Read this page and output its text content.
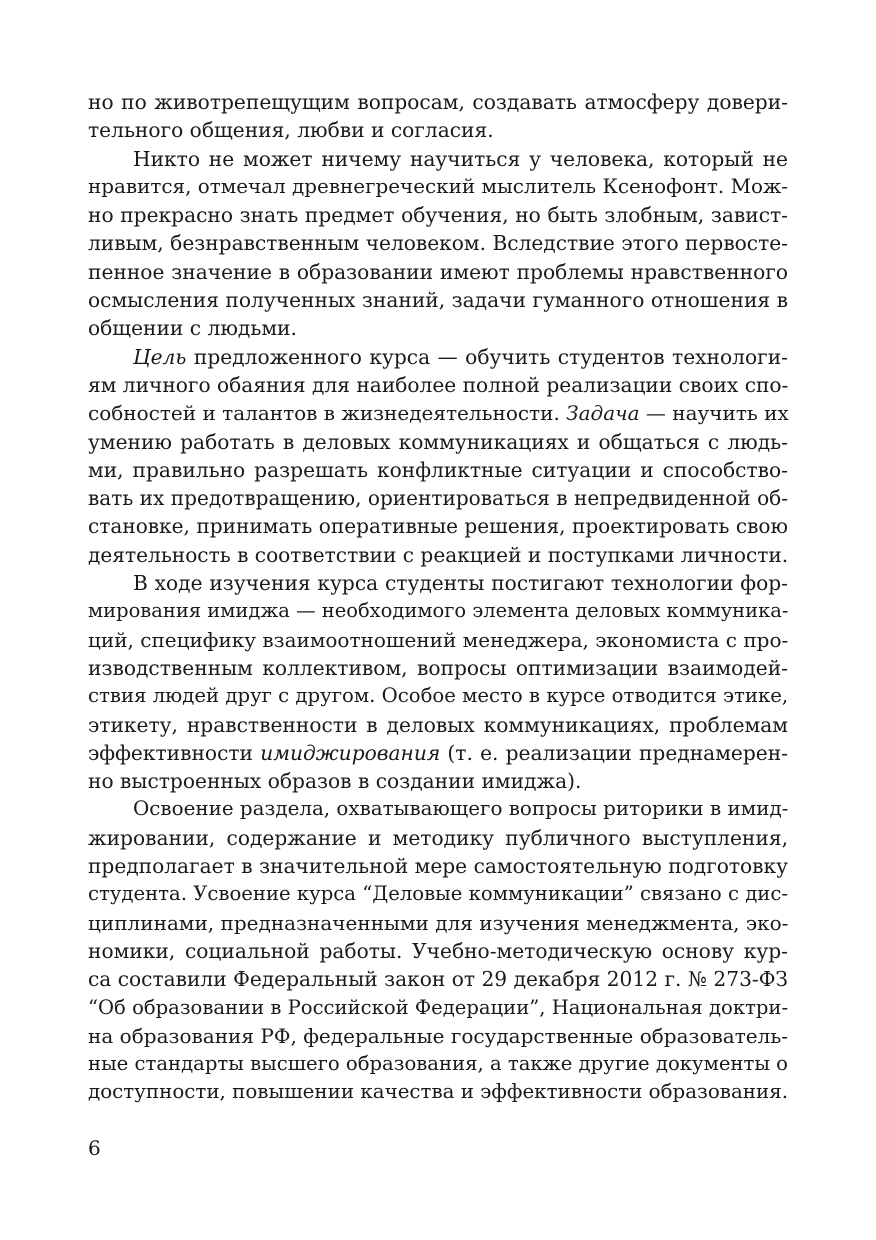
но по животрепещущим вопросам, создавать атмосферу довери-
тельного общения, любви и согласия.

Никто не может ничему научиться у человека, который не
нравится, отмечал древнегреческий мыслитель Ксенофонт. Мож-
но прекрасно знать предмет обучения, но быть злобным, завист-
ливым, безнравственным человеком. Вследствие этого первосте-
пенное значение в образовании имеют проблемы нравственного
осмысления полученных знаний, задачи гуманного отношения в
общении с людьми.

Цель предложенного курса — обучить студентов технологи-
ям личного обаяния для наиболее полной реализации своих спо-
собностей и талантов в жизнедеятельности. Задача — научить их
умению работать в деловых коммуникациях и общаться с людь-
ми, правильно разрешать конфликтные ситуации и способство-
вать их предотвращению, ориентироваться в непредвиденной об-
становке, принимать оперативные решения, проектировать свою
деятельность в соответствии с реакцией и поступками личности.

В ходе изучения курса студенты постигают технологии фор-
мирования имиджа — необходимого элемента деловых коммуника-
ций, специфику взаимоотношений менеджера, экономиста с про-
изводственным коллективом, вопросы оптимизации взаимодей-
ствия людей друг с другом. Особое место в курсе отводится этике,
этикету, нравственности в деловых коммуникациях, проблемам
эффективности имиджирования (т. е. реализации преднамерен-
но выстроенных образов в создании имиджа).

Освоение раздела, охватывающего вопросы риторики в имид-
жировании, содержание и методику публичного выступления,
предполагает в значительной мере самостоятельную подготовку
студента. Усвоение курса “Деловые коммуникации” связано с дис-
циплинами, предназначенными для изучения менеджмента, эко-
номики, социальной работы. Учебно-методическую основу кур-
са составили Федеральный закон от 29 декабря 2012 г. № 273-ФЗ
“Об образовании в Российской Федерации”, Национальная доктри-
на образования РФ, федеральные государственные образователь-
ные стандарты высшего образования, а также другие документы о
доступности, повышении качества и эффективности образования.

6
